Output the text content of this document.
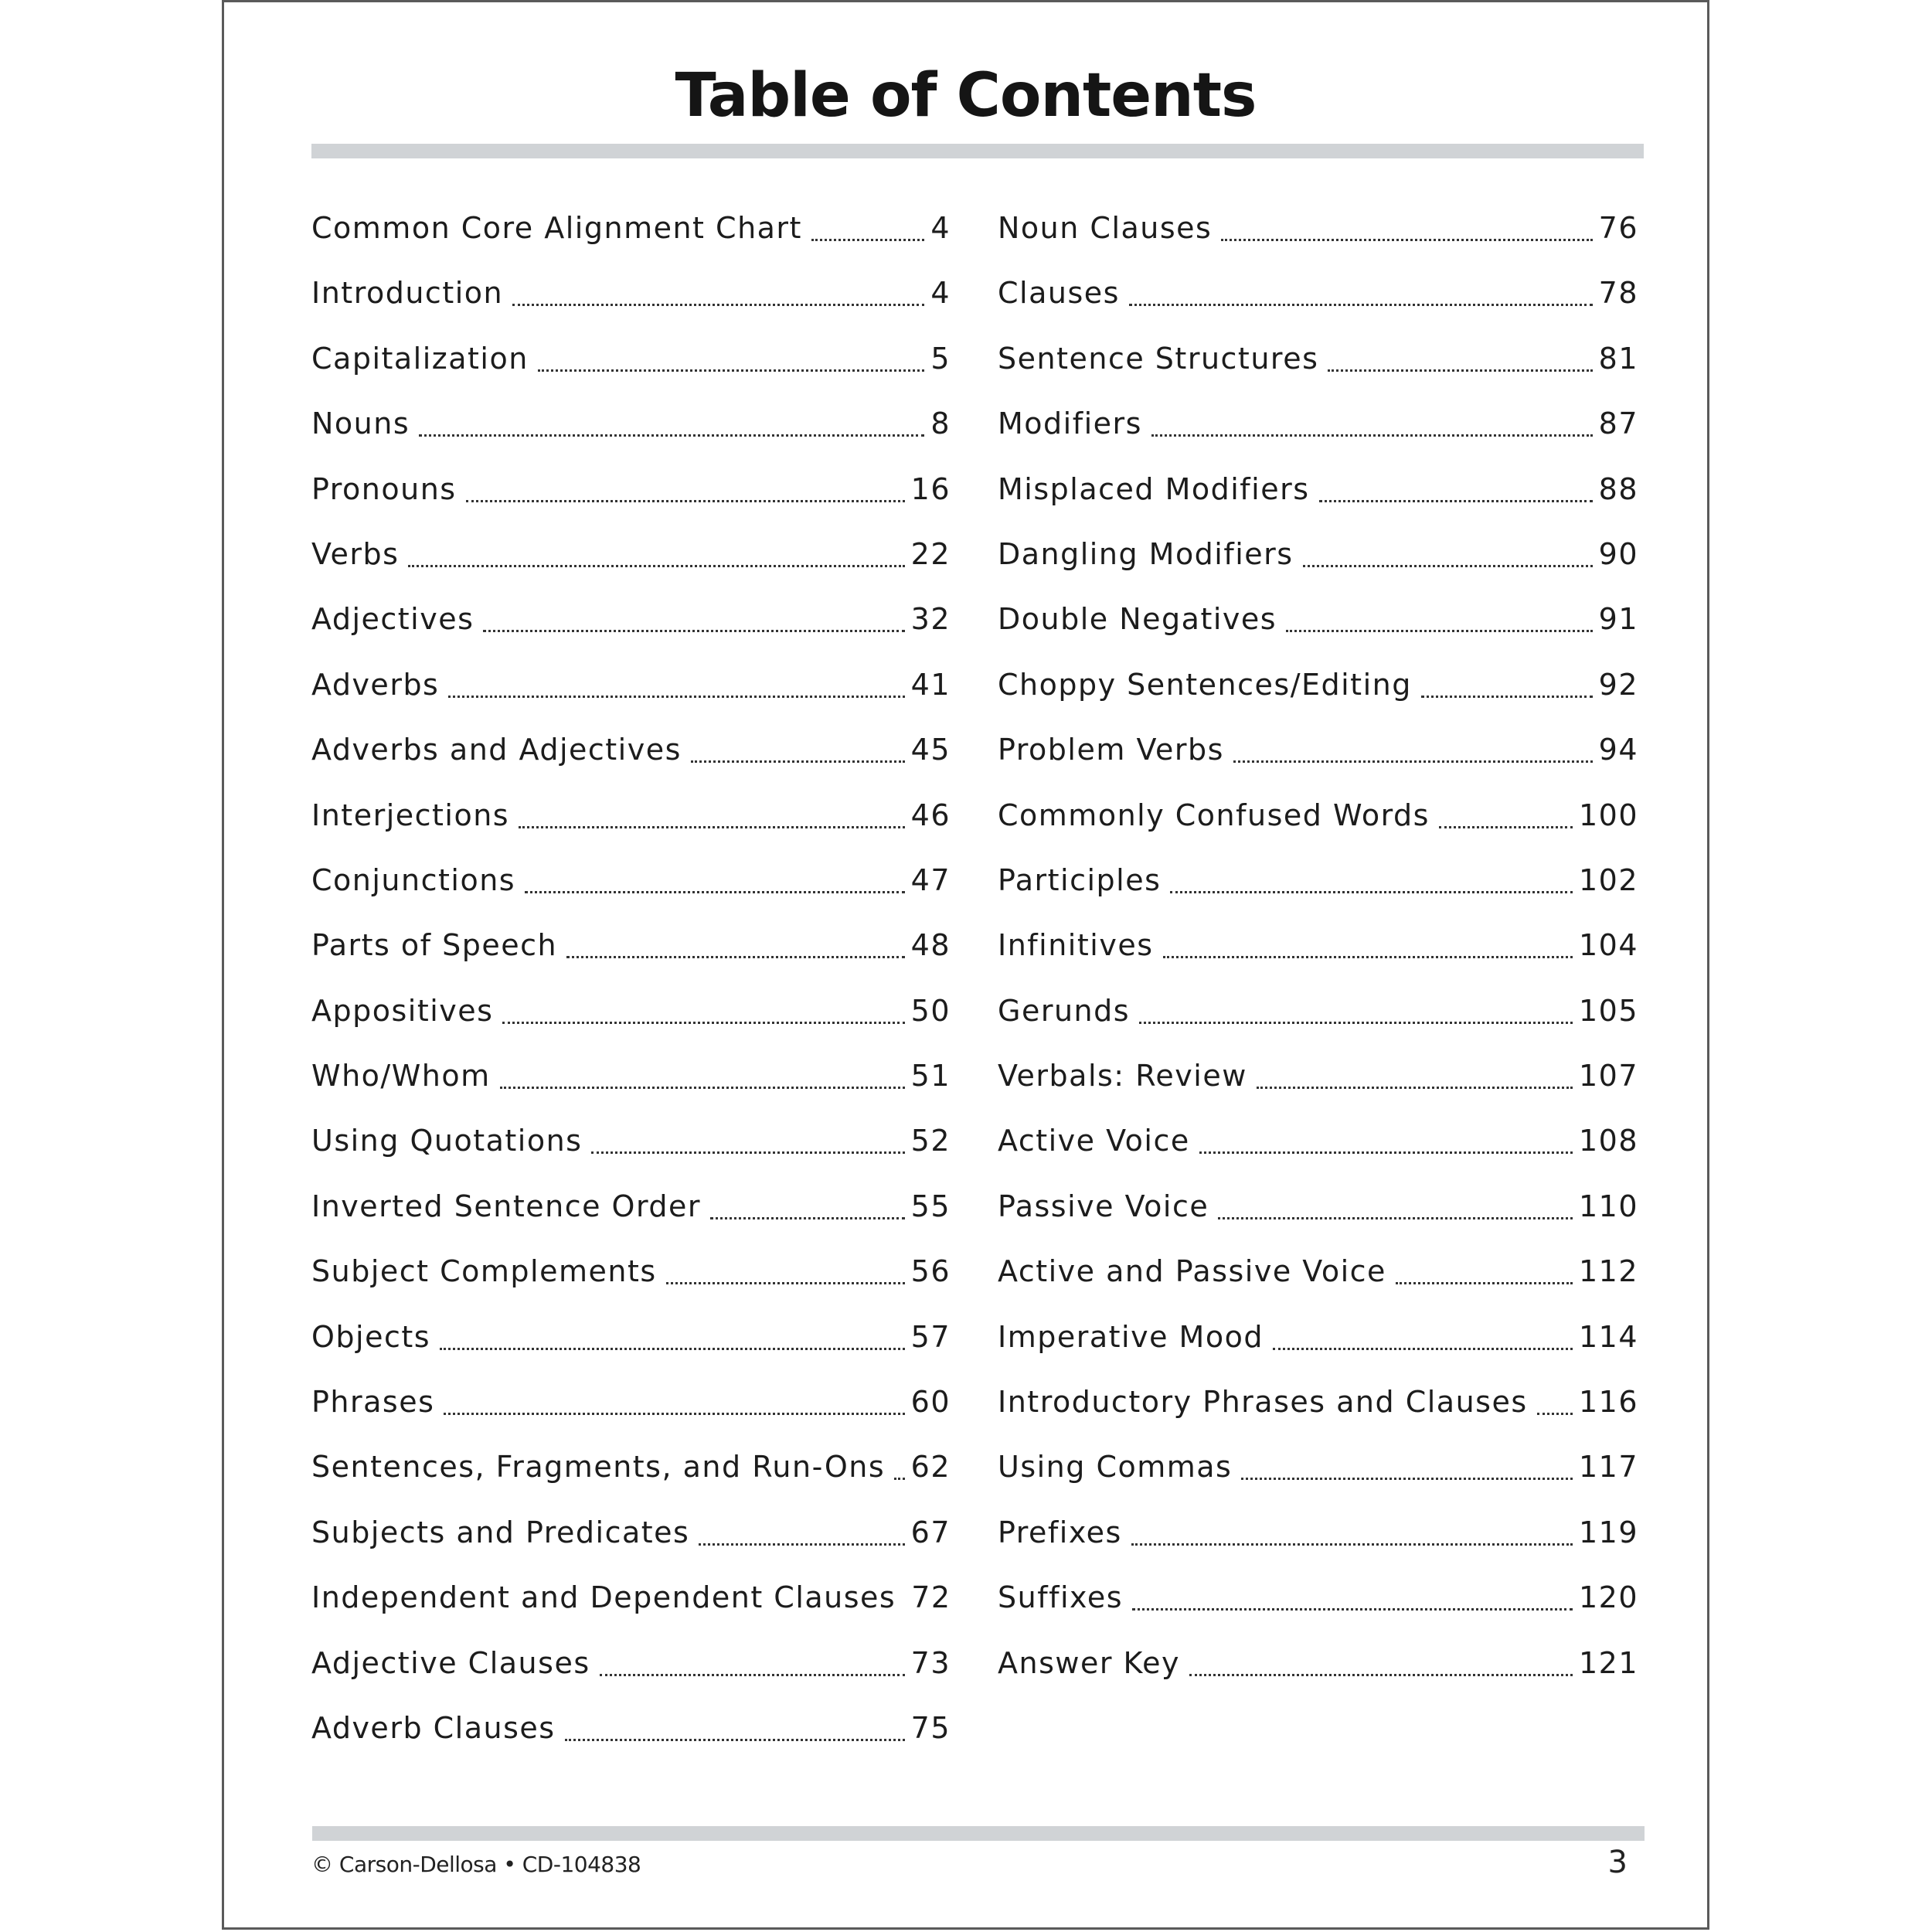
Table of Contents
Common Core Alignment Chart	4
Introduction	4
Capitalization	5
Nouns	8
Pronouns	16
Verbs	22
Adjectives	32
Adverbs	41
Adverbs and Adjectives	45
Interjections	46
Conjunctions	47
Parts of Speech	48
Appositives	50
Who/Whom	51
Using Quotations	52
Inverted Sentence Order	55
Subject Complements	56
Objects	57
Phrases	60
Sentences, Fragments, and Run-Ons 62
Subjects and Predicates	67
Independent and Dependent Clauses 72
Adjective Clauses	73
Adverb Clauses	75
Noun Clauses	76
Clauses	78
Sentence Structures	81
Modifiers	87
Misplaced Modifiers	88
Dangling Modifiers	90
Double Negatives	91
Choppy Sentences/Editing	92
Problem Verbs	94
Commonly Confused Words	100
Participles	102
Infinitives	104
Gerunds	105
Verbals: Review	107
Active Voice	108
Passive Voice	110
Active and Passive Voice	112
Imperative Mood	114
Introductory Phrases and Clauses 116
Using Commas	117
Prefixes	119
Suffixes	120
Answer Key	121
© Carson-Dellosa • CD-104838	3
